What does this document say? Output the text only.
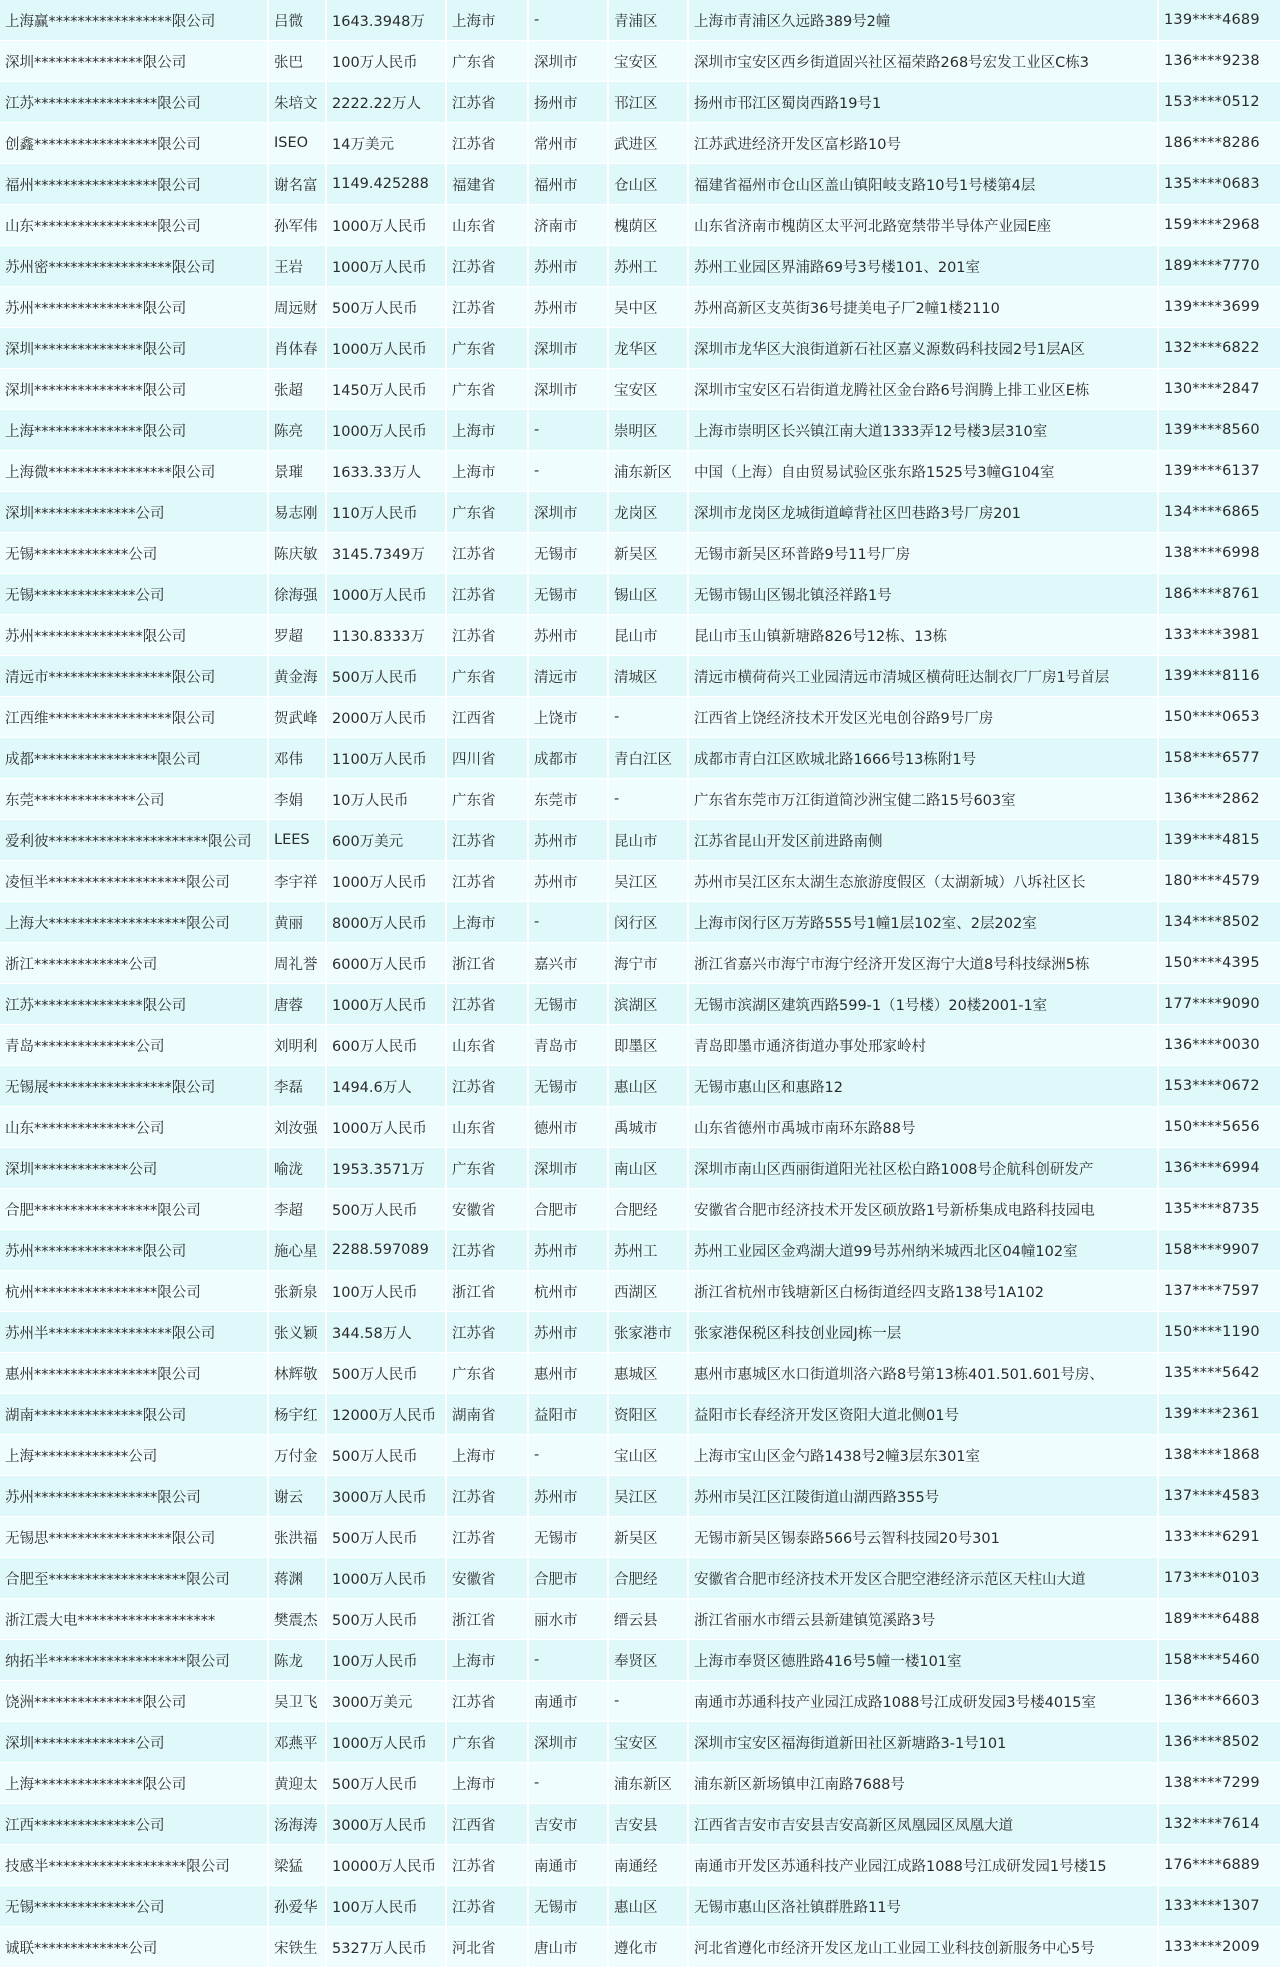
上海赢*****************限公司	吕微	1643.3948万	上海市	-	青浦区	上海市青浦区久远路389号2幢	139****4689
深圳***************限公司	张巴	100万人民币	广东省	深圳市	宝安区	深圳市宝安区西乡街道固兴社区福荣路268号宏发工业区C栋3	136****9238
江苏*****************限公司	朱培文	2222.22万人	江苏省	扬州市	邗江区	扬州市邗江区蜀岗西路19号1	153****0512
创鑫*****************限公司	ISEO	14万美元	江苏省	常州市	武进区	江苏武进经济开发区富杉路10号	186****8286
福州*****************限公司	谢名富	1149.425288	福建省	福州市	仓山区	福建省福州市仓山区盖山镇阳岐支路10号1号楼第4层	135****0683
山东*****************限公司	孙军伟	1000万人民币	山东省	济南市	槐荫区	山东省济南市槐荫区太平河北路宽禁带半导体产业园E座	159****2968
苏州密*****************限公司	王岩	1000万人民币	江苏省	苏州市	苏州工	苏州工业园区界浦路69号3号楼101、201室	189****7770
苏州***************限公司	周远财	500万人民币	江苏省	苏州市	吴中区	苏州高新区支英街36号捷美电子厂2幢1楼2110	139****3699
深圳***************限公司	肖体春	1000万人民币	广东省	深圳市	龙华区	深圳市龙华区大浪街道新石社区嘉义源数码科技园2号1层A区	132****6822
深圳***************限公司	张超	1450万人民币	广东省	深圳市	宝安区	深圳市宝安区石岩街道龙腾社区金台路6号润腾上排工业区E栋	130****2847
上海***************限公司	陈亮	1000万人民币	上海市	-	崇明区	上海市崇明区长兴镇江南大道1333弄12号楼3层310室	139****8560
上海微*****************限公司	景璀	1633.33万人	上海市	-	浦东新区	中国（上海）自由贸易试验区张东路1525号3幢G104室	139****6137
深圳**************公司	易志刚	110万人民币	广东省	深圳市	龙岗区	深圳市龙岗区龙城街道嶂背社区凹巷路3号厂房201	134****6865
无锡*************公司	陈庆敏	3145.7349万	江苏省	无锡市	新吴区	无锡市新吴区环普路9号11号厂房	138****6998
无锡**************公司	徐海强	1000万人民币	江苏省	无锡市	锡山区	无锡市锡山区锡北镇泾祥路1号	186****8761
苏州***************限公司	罗超	1130.8333万	江苏省	苏州市	昆山市	昆山市玉山镇新塘路826号12栋、13栋	133****3981
清远市*****************限公司	黄金海	500万人民币	广东省	清远市	清城区	清远市横荷荷兴工业园清远市清城区横荷旺达制衣厂厂房1号首层	139****8116
江西维*****************限公司	贺武峰	2000万人民币	江西省	上饶市	-	江西省上饶经济技术开发区光电创谷路9号厂房	150****0653
成都*****************限公司	邓伟	1100万人民币	四川省	成都市	青白江区	成都市青白江区欧城北路1666号13栋附1号	158****6577
东莞**************公司	李娟	10万人民币	广东省	东莞市	-	广东省东莞市万江街道简沙洲宝健二路15号603室	136****2862
爱利彼**********************限公司	LEES	600万美元	江苏省	苏州市	昆山市	江苏省昆山开发区前进路南侧	139****4815
凌恒半*******************限公司	李宇祥	1000万人民币	江苏省	苏州市	吴江区	苏州市吴江区东太湖生态旅游度假区（太湖新城）八坼社区长	180****4579
上海大*******************限公司	黄丽	8000万人民币	上海市	-	闵行区	上海市闵行区万芳路555号1幢1层102室、2层202室	134****8502
浙江*************公司	周礼誉	6000万人民币	浙江省	嘉兴市	海宁市	浙江省嘉兴市海宁市海宁经济开发区海宁大道8号科技绿洲5栋	150****4395
江苏***************限公司	唐蓉	1000万人民币	江苏省	无锡市	滨湖区	无锡市滨湖区建筑西路599-1（1号楼）20楼2001-1室	177****9090
青岛**************公司	刘明利	600万人民币	山东省	青岛市	即墨区	青岛即墨市通济街道办事处邢家岭村	136****0030
无锡展*****************限公司	李磊	1494.6万人	江苏省	无锡市	惠山区	无锡市惠山区和惠路12	153****0672
山东**************公司	刘汝强	1000万人民币	山东省	德州市	禹城市	山东省德州市禹城市南环东路88号	150****5656
深圳*************公司	喻泷	1953.3571万	广东省	深圳市	南山区	深圳市南山区西丽街道阳光社区松白路1008号企航科创研发产	136****6994
合肥*****************限公司	李超	500万人民币	安徽省	合肥市	合肥经	安徽省合肥市经济技术开发区硕放路1号新桥集成电路科技园电	135****8735
苏州***************限公司	施心星	2288.597089	江苏省	苏州市	苏州工	苏州工业园区金鸡湖大道99号苏州纳米城西北区04幢102室	158****9907
杭州*****************限公司	张新泉	100万人民币	浙江省	杭州市	西湖区	浙江省杭州市钱塘新区白杨街道经四支路138号1A102	137****7597
苏州半*****************限公司	张义颖	344.58万人	江苏省	苏州市	张家港市	张家港保税区科技创业园J栋一层	150****1190
惠州*****************限公司	林辉敬	500万人民币	广东省	惠州市	惠城区	惠州市惠城区水口街道圳洛六路8号第13栋401.501.601号房、	135****5642
湖南***************限公司	杨宇红	12000万人民币	湖南省	益阳市	资阳区	益阳市长春经济开发区资阳大道北侧01号	139****2361
上海*************公司	万付金	500万人民币	上海市	-	宝山区	上海市宝山区金勺路1438号2幢3层东301室	138****1868
苏州*****************限公司	谢云	3000万人民币	江苏省	苏州市	吴江区	苏州市吴江区江陵街道山湖西路355号	137****4583
无锡思*****************限公司	张洪福	500万人民币	江苏省	无锡市	新吴区	无锡市新吴区锡泰路566号云智科技园20号301	133****6291
合肥至*******************限公司	蒋渊	1000万人民币	安徽省	合肥市	合肥经	安徽省合肥市经济技术开发区合肥空港经济示范区天柱山大道	173****0103
浙江震大电*******************	樊震杰	500万人民币	浙江省	丽水市	缙云县	浙江省丽水市缙云县新建镇笕溪路3号	189****6488
纳拓半*******************限公司	陈龙	100万人民币	上海市	-	奉贤区	上海市奉贤区德胜路416号5幢一楼101室	158****5460
饶洲***************限公司	吴卫飞	3000万美元	江苏省	南通市	-	南通市苏通科技产业园江成路1088号江成研发园3号楼4015室	136****6603
深圳**************公司	邓燕平	1000万人民币	广东省	深圳市	宝安区	深圳市宝安区福海街道新田社区新塘路3-1号101	136****8502
上海***************限公司	黄迎太	500万人民币	上海市	-	浦东新区	浦东新区新场镇申江南路7688号	138****7299
江西**************公司	汤海涛	3000万人民币	江西省	吉安市	吉安县	江西省吉安市吉安县吉安高新区凤凰园区凤凰大道	132****7614
技感半*******************限公司	梁猛	10000万人民币	江苏省	南通市	南通经	南通市开发区苏通科技产业园江成路1088号江成研发园1号楼15	176****6889
无锡**************公司	孙爱华	100万人民币	江苏省	无锡市	惠山区	无锡市惠山区洛社镇群胜路11号	133****1307
诚联*************公司	宋铁生	5327万人民币	河北省	唐山市	遵化市	河北省遵化市经济开发区龙山工业园工业科技创新服务中心5号	133****2009
